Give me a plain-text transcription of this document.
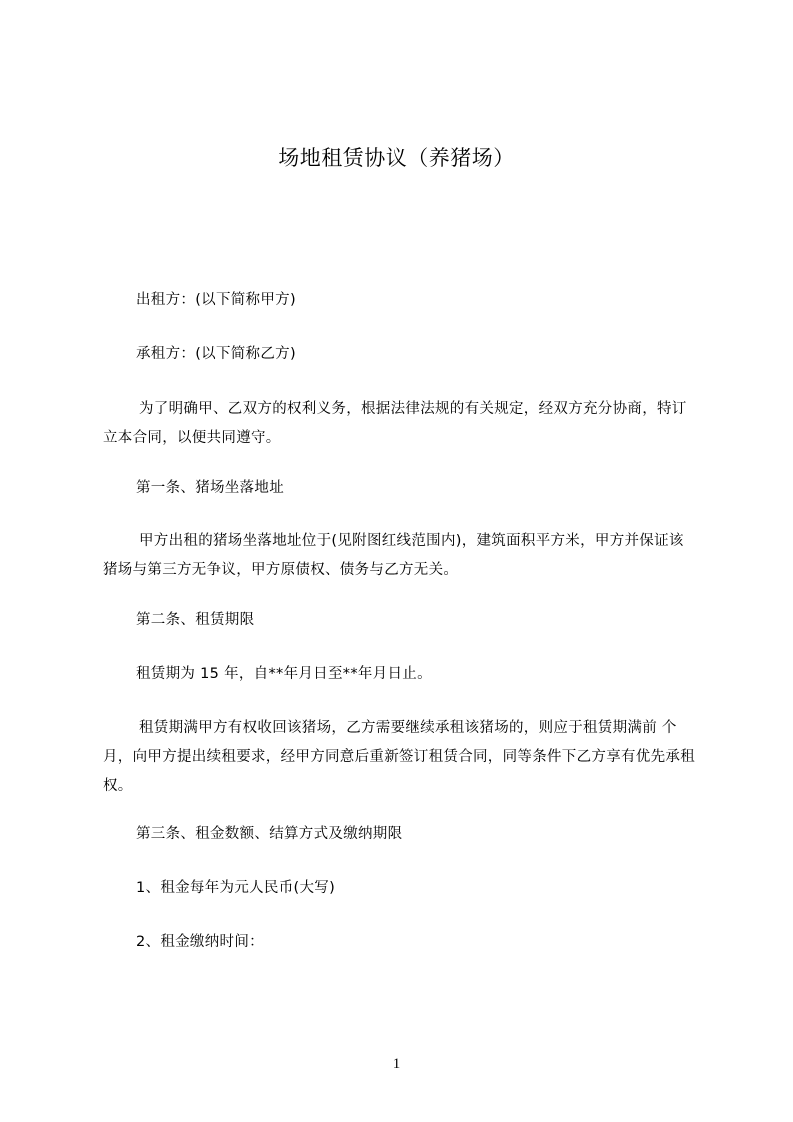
场地租赁协议（养猪场）
出租方：(以下简称甲方)
承租方：(以下简称乙方)
为了明确甲、乙双方的权利义务，根据法律法规的有关规定，经双方充分协商，特订立本合同，以便共同遵守。
第一条、猪场坐落地址
甲方出租的猪场坐落地址位于(见附图红线范围内)，建筑面积平方米，甲方并保证该猪场与第三方无争议，甲方原债权、债务与乙方无关。
第二条、租赁期限
租赁期为 15 年，自**年月日至**年月日止。
租赁期满甲方有权收回该猪场，乙方需要继续承租该猪场的，则应于租赁期满前 个月，向甲方提出续租要求，经甲方同意后重新签订租赁合同，同等条件下乙方享有优先承租权。
第三条、租金数额、结算方式及缴纳期限
1、租金每年为元人民币(大写)
2、租金缴纳时间：
1
